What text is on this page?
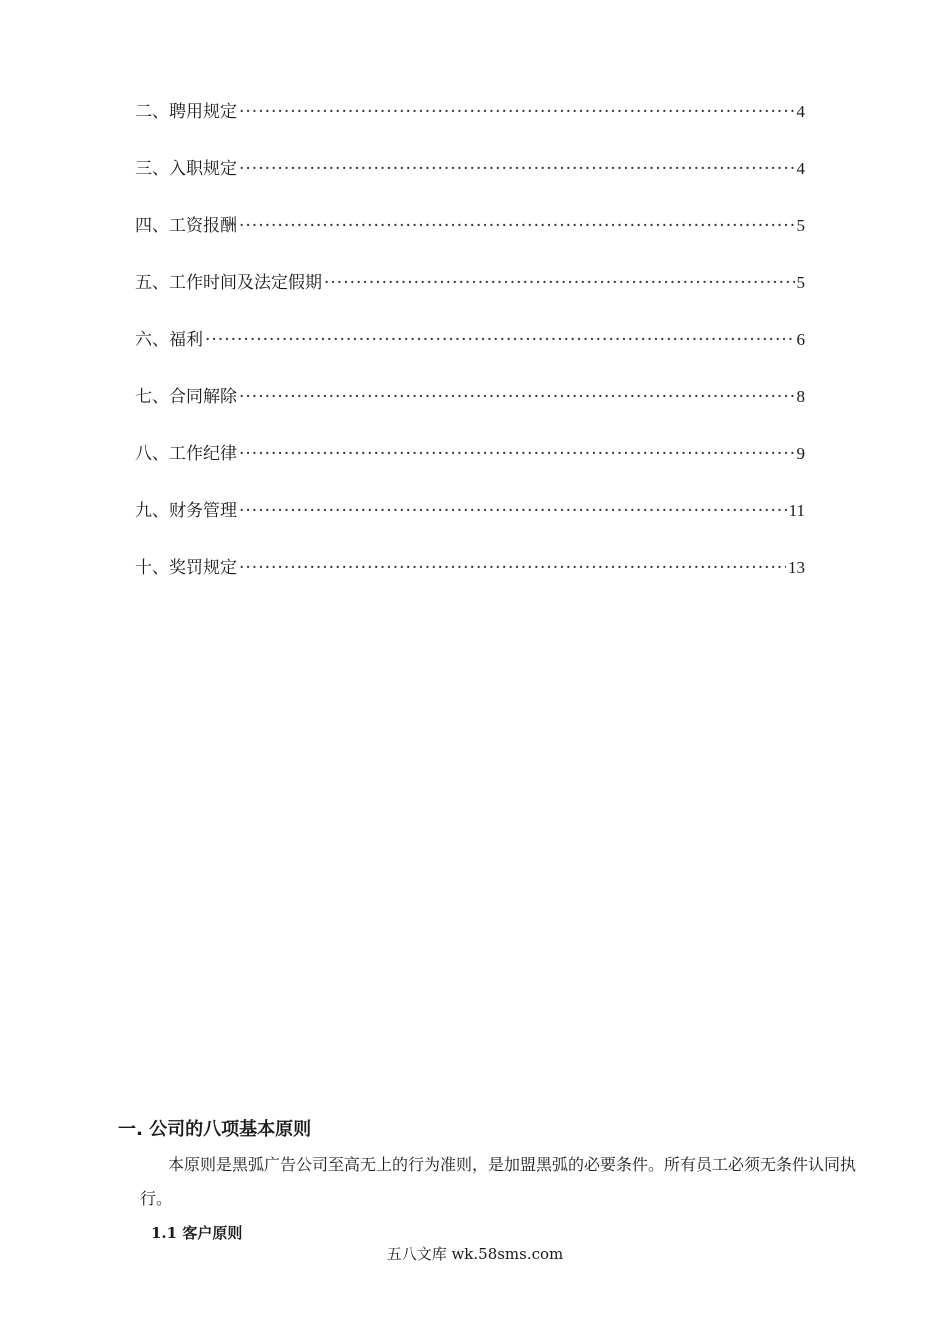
二、聘用规定 ·····	4
三、入职规定 ·····	4
四、工资报酬 ·····	5
五、工作时间及法定假期 ·····	5
六、福利 ·····	6
七、合同解除 ·····	8
八、工作纪律 ·····	9
九、财务管理 ·····	11
十、奖罚规定 ·····	13
一. 公司的八项基本原则

本原则是黑弧广告公司至高无上的行为准则，是加盟黑弧的必要条件。所有员工必须无条件认同执行。

1.1 客户原则
五八文库 wk.58sms.com
